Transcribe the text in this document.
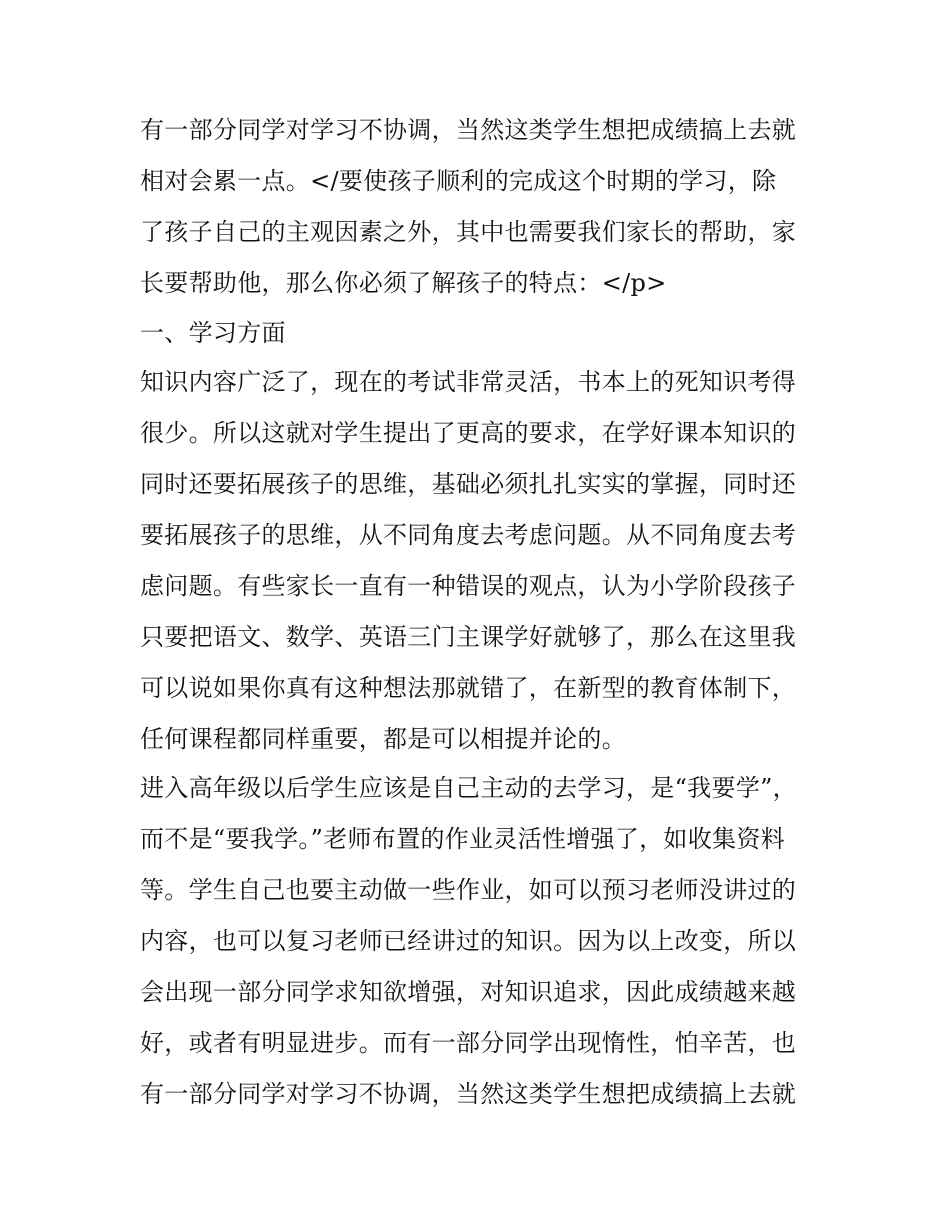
有一部分同学对学习不协调，当然这类学生想把成绩搞上去就
相对会累一点。</要使孩子顺利的完成这个时期的学习，除
了孩子自己的主观因素之外，其中也需要我们家长的帮助，家
长要帮助他，那么你必须了解孩子的特点：</p>
一、学习方面
知识内容广泛了，现在的考试非常灵活，书本上的死知识考得
很少。所以这就对学生提出了更高的要求，在学好课本知识的
同时还要拓展孩子的思维，基础必须扎扎实实的掌握，同时还
要拓展孩子的思维，从不同角度去考虑问题。从不同角度去考
虑问题。有些家长一直有一种错误的观点，认为小学阶段孩子
只要把语文、数学、英语三门主课学好就够了，那么在这里我
可以说如果你真有这种想法那就错了，在新型的教育体制下，
任何课程都同样重要，都是可以相提并论的。
进入高年级以后学生应该是自己主动的去学习，是“我要学”，
而不是“要我学。”老师布置的作业灵活性增强了，如收集资料
等。学生自己也要主动做一些作业，如可以预习老师没讲过的
内容，也可以复习老师已经讲过的知识。因为以上改变，所以
会出现一部分同学求知欲增强，对知识追求，因此成绩越来越
好，或者有明显进步。而有一部分同学出现惰性，怕辛苦，也
有一部分同学对学习不协调，当然这类学生想把成绩搞上去就
